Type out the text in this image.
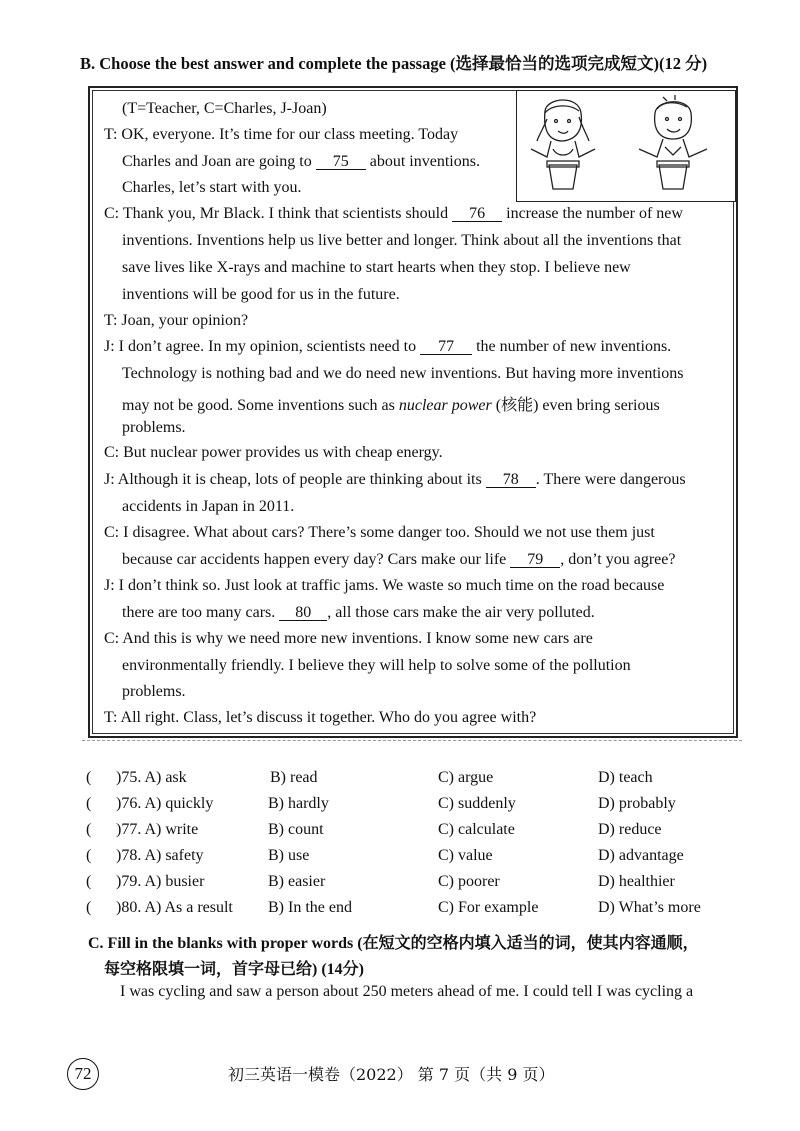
B. Choose the best answer and complete the passage (选择最恰当的选项完成短文)(12 分)
(T=Teacher, C=Charles, J-Joan)
T: OK, everyone. It’s time for our class meeting. Today
Charles and Joan are going to 75 about inventions.
Charles, let’s start with you.
C: Thank you, Mr Black. I think that scientists should 76 increase the number of new
inventions. Inventions help us live better and longer. Think about all the inventions that
save lives like X-rays and machine to start hearts when they stop. I believe new
inventions will be good for us in the future.
T: Joan, your opinion?
J: I don’t agree. In my opinion, scientists need to 77 the number of new inventions.
Technology is nothing bad and we do need new inventions. But having more inventions
may not be good. Some inventions such as nuclear power (核能) even bring serious
problems.
C: But nuclear power provides us with cheap energy.
J: Although it is cheap, lots of people are thinking about its 78 . There were dangerous
accidents in Japan in 2011.
C: I disagree. What about cars? There’s some danger too. Should we not use them just
because car accidents happen every day? Cars make our life 79 , don’t you agree?
J: I don’t think so. Just look at traffic jams. We waste so much time on the road because
there are too many cars. 80 , all those cars make the air very polluted.
C: And this is why we need more new inventions. I know some new cars are
environmentally friendly. I believe they will help to solve some of the pollution
problems.
T: All right. Class, let’s discuss it together. Who do you agree with?
( )75. A) ask	B) read	C) argue	D) teach
( )76. A) quickly	B) hardly	C) suddenly	D) probably
( )77. A) write	B) count	C) calculate	D) reduce
( )78. A) safety	B) use	C) value	D) advantage
( )79. A) busier	B) easier	C) poorer	D) healthier
( )80. A) As a result B) In the end	C) For example	D) What’s more
C. Fill in the blanks with proper words (在短文的空格内填入适当的词，使其内容通顺，
每空格限填一词，首字母已给) (14分)
I was cycling and saw a person about 250 meters ahead of me. I could tell I was cycling a
72	初三英语一模卷（2022） 第 7 页（共 9 页）
